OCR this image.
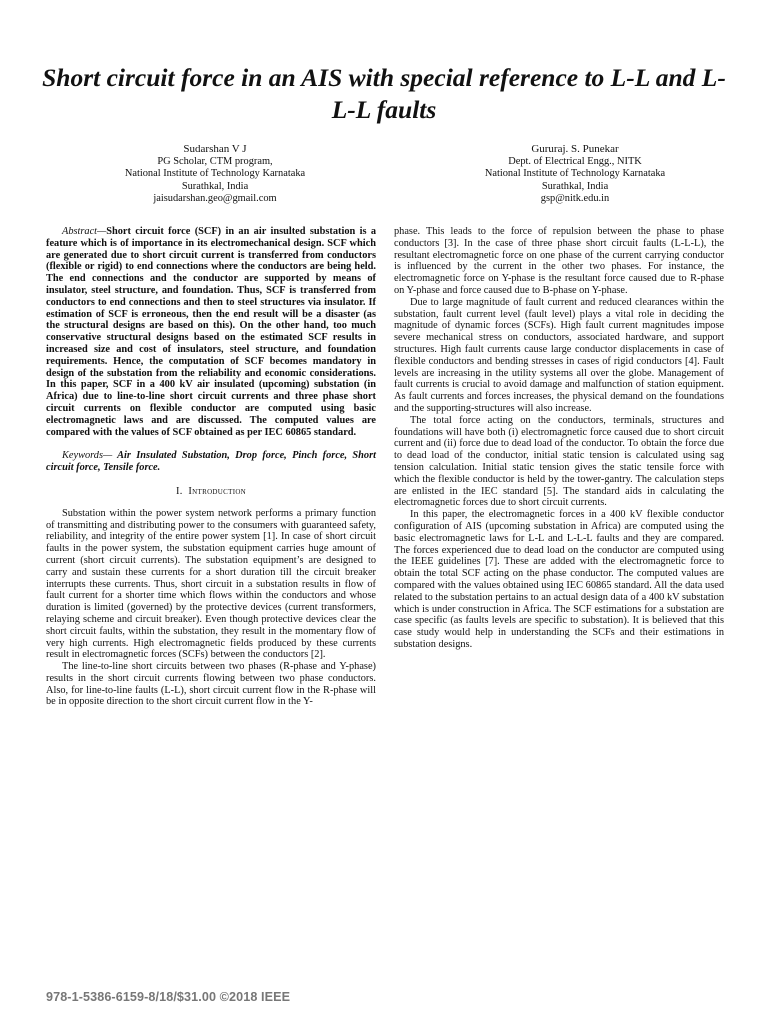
Short circuit force in an AIS with special reference to L-L and L-L-L faults
Sudarshan V J
PG Scholar, CTM program,
National Institute of Technology Karnataka
Surathkal, India
jaisudarshan.geo@gmail.com
Gururaj. S. Punekar
Dept. of Electrical Engg., NITK
National Institute of Technology Karnataka
Surathkal, India
gsp@nitk.edu.in

Abstract—Short circuit force (SCF) in an air insulted substation is a feature which is of importance in its electromechanical design. SCF which are generated due to short circuit current is transferred from conductors (flexible or rigid) to end connections where the conductors are being held. The end connections and the conductor are supported by means of insulator, steel structure, and foundation. Thus, SCF is transferred from conductors to end connections and then to steel structures via insulator. If estimation of SCF is erroneous, then the end result will be a disaster (as the structural designs are based on this). On the other hand, too much conservative structural designs based on the estimated SCF results in increased size and cost of insulators, steel structure, and foundation requirements. Hence, the computation of SCF becomes mandatory in design of the substation from the reliability and economic considerations. In this paper, SCF in a 400 kV air insulated (upcoming) substation (in Africa) due to line-to-line short circuit currents and three phase short circuit currents on flexible conductor are computed using basic electromagnetic laws and are discussed. The computed values are compared with the values of SCF obtained as per IEC 60865 standard.

Keywords— Air Insulated Substation, Drop force, Pinch force, Short circuit force, Tensile force.

I. Introduction

Substation within the power system network performs a primary function of transmitting and distributing power to the consumers with guaranteed safety, reliability, and integrity of the entire power system [1]. In case of short circuit faults in the power system, the substation equipment carries huge amount of current (short circuit currents). The substation equipment’s are designed to carry and sustain these currents for a short duration till the circuit breaker interrupts these currents. Thus, short circuit in a substation results in flow of fault current for a shorter time which flows within the conductors and whose duration is limited (governed) by the protective devices (current transformers, relaying scheme and circuit breaker). Even though protective devices clear the short circuit faults, within the substation, they result in the momentary flow of very high currents. High electromagnetic fields produced by these currents result in electromagnetic forces (SCFs) between the conductors [2].

The line-to-line short circuits between two phases (R-phase and Y-phase) results in the short circuit currents flowing between two phase conductors. Also, for line-to-line faults (L-L), short circuit current flow in the R-phase will be in opposite direction to the short circuit current flow in the Y-

phase. This leads to the force of repulsion between the phase to phase conductors [3]. In the case of three phase short circuit faults (L-L-L), the resultant electromagnetic force on one phase of the current carrying conductor is influenced by the current in the other two phases. For instance, the electromagnetic force on Y-phase is the resultant force caused due to R-phase on Y-phase and force caused due to B-phase on Y-phase.

Due to large magnitude of fault current and reduced clearances within the substation, fault current level (fault level) plays a vital role in deciding the magnitude of dynamic forces (SCFs). High fault current magnitudes impose severe mechanical stress on conductors, associated hardware, and support structures. High fault currents cause large conductor displacements in case of flexible conductors and bending stresses in cases of rigid conductors [4]. Fault levels are increasing in the utility systems all over the globe. Management of fault currents is crucial to avoid damage and malfunction of station equipment. As fault currents and forces increases, the physical demand on the foundations and the supporting-structures will also increase.

The total force acting on the conductors, terminals, structures and foundations will have both (i) electromagnetic force caused due to short circuit current and (ii) force due to dead load of the conductor. To obtain the force due to dead load of the conductor, initial static tension is calculated using sag tension calculation. Initial static tension gives the static tensile force with which the flexible conductor is held by the tower-gantry. The calculation steps are enlisted in the IEC standard [5]. The standard aids in calculating the electromagnetic forces due to short circuit currents.

In this paper, the electromagnetic forces in a 400 kV flexible conductor configuration of AIS (upcoming substation in Africa) are computed using the basic electromagnetic laws for L-L and L-L-L faults and they are compared. The forces experienced due to dead load on the conductor are computed using the IEEE guidelines [7]. These are added with the electromagnetic force to obtain the total SCF acting on the phase conductor. The computed values are compared with the values obtained using IEC 60865 standard. All the data used related to the substation pertains to an actual design data of a 400 kV substation which is under construction in Africa. The SCF estimations for a substation are case specific (as faults levels are specific to substation). It is believed that this case study would help in understanding the SCFs and their estimations in substation designs.

978-1-5386-6159-8/18/$31.00 ©2018 IEEE
